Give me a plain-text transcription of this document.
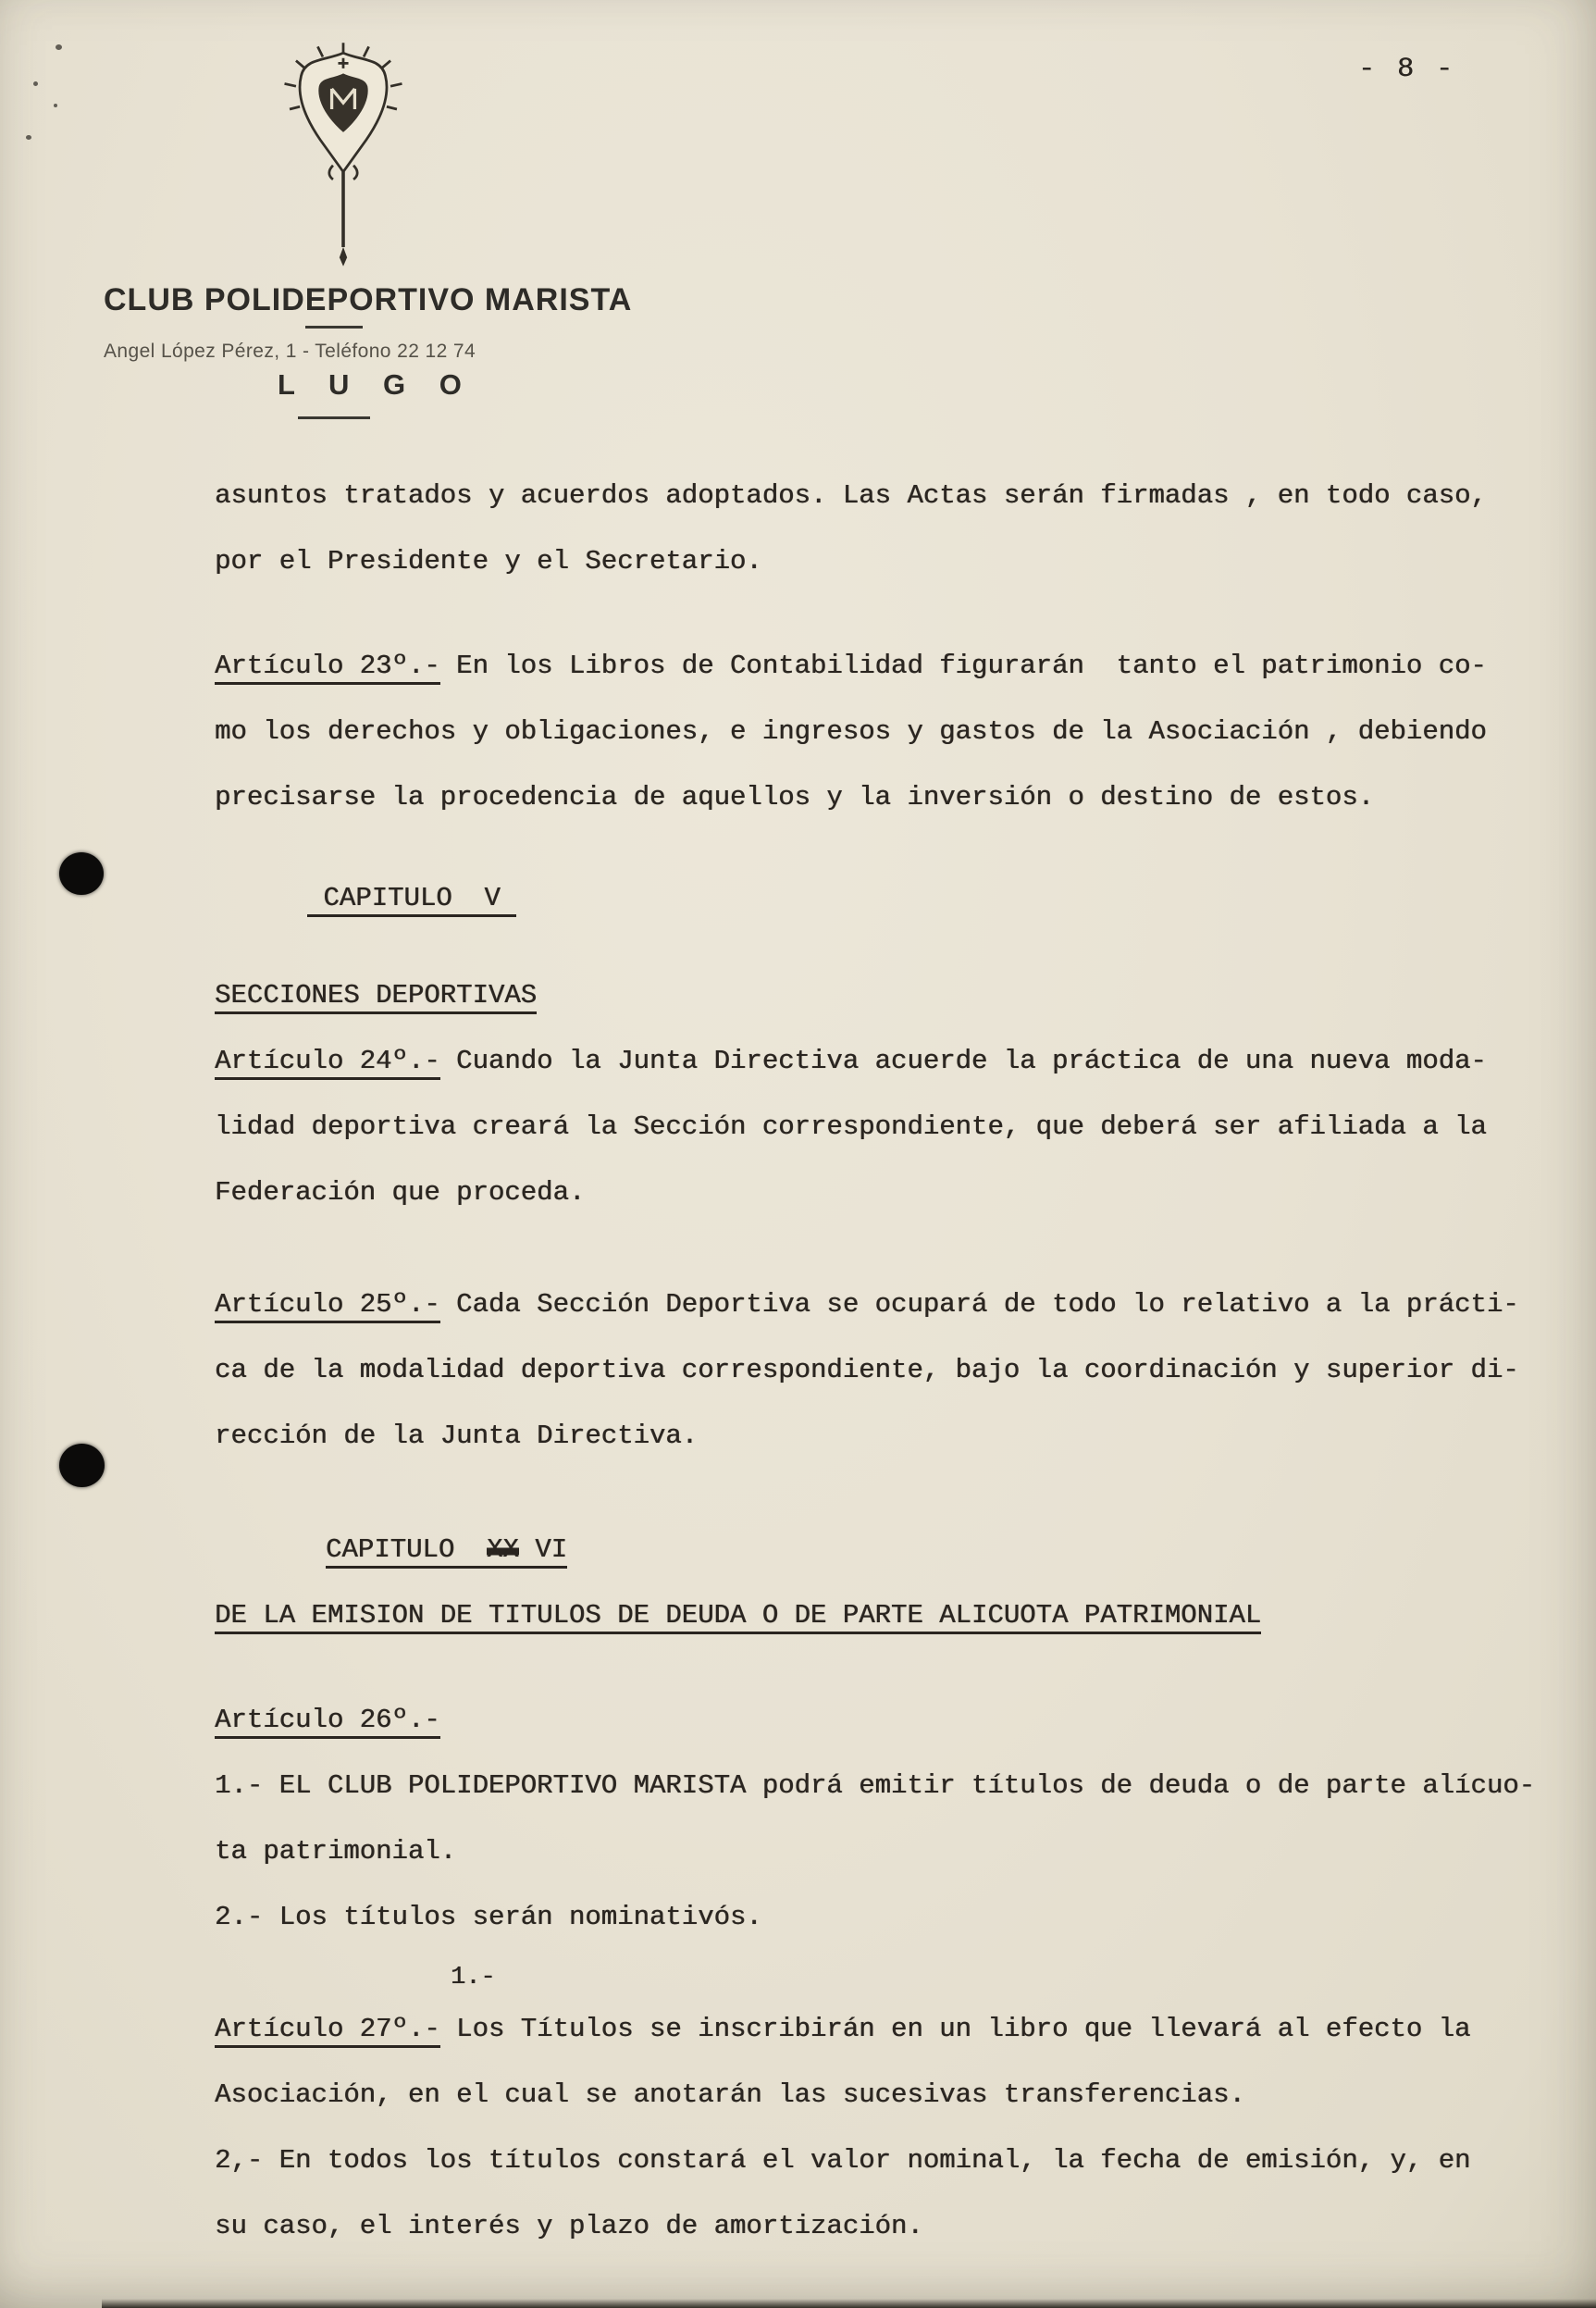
- 8 -
CLUB POLIDEPORTIVO MARISTA
Angel López Pérez, 1 - Teléfono 22 12 74
L U G O
asuntos tratados y acuerdos adoptados. Las Actas serán firmadas , en todo caso,
por el Presidente y el Secretario.
Artículo 23º.- En los Libros de Contabilidad figurarán  tanto el patrimonio co-
mo los derechos y obligaciones, e ingresos y gastos de la Asociación , debiendo
precisarse la procedencia de aquellos y la inversión o destino de estos.
CAPITULO  V
SECCIONES DEPORTIVAS
Artículo 24º.- Cuando la Junta Directiva acuerde la práctica de una nueva moda-
lidad deportiva creará la Sección correspondiente, que deberá ser afiliada a la
Federación que proceda.
Artículo 25º.- Cada Sección Deportiva se ocupará de todo lo relativo a la prácti-
ca de la modalidad deportiva correspondiente, bajo la coordinación y superior di-
rección de la Junta Directiva.
CAPITULO  XX VI
DE LA EMISION DE TITULOS DE DEUDA O DE PARTE ALICUOTA PATRIMONIAL
Artículo 26º.-
1.- EL CLUB POLIDEPORTIVO MARISTA podrá emitir títulos de deuda o de parte alícuo-
ta patrimonial.
2.- Los títulos serán nominativós.
1.-
Artículo 27º.- Los Títulos se inscribirán en un libro que llevará al efecto la
Asociación, en el cual se anotarán las sucesivas transferencias.
2,- En todos los títulos constará el valor nominal, la fecha de emisión, y, en
su caso, el interés y plazo de amortización.
